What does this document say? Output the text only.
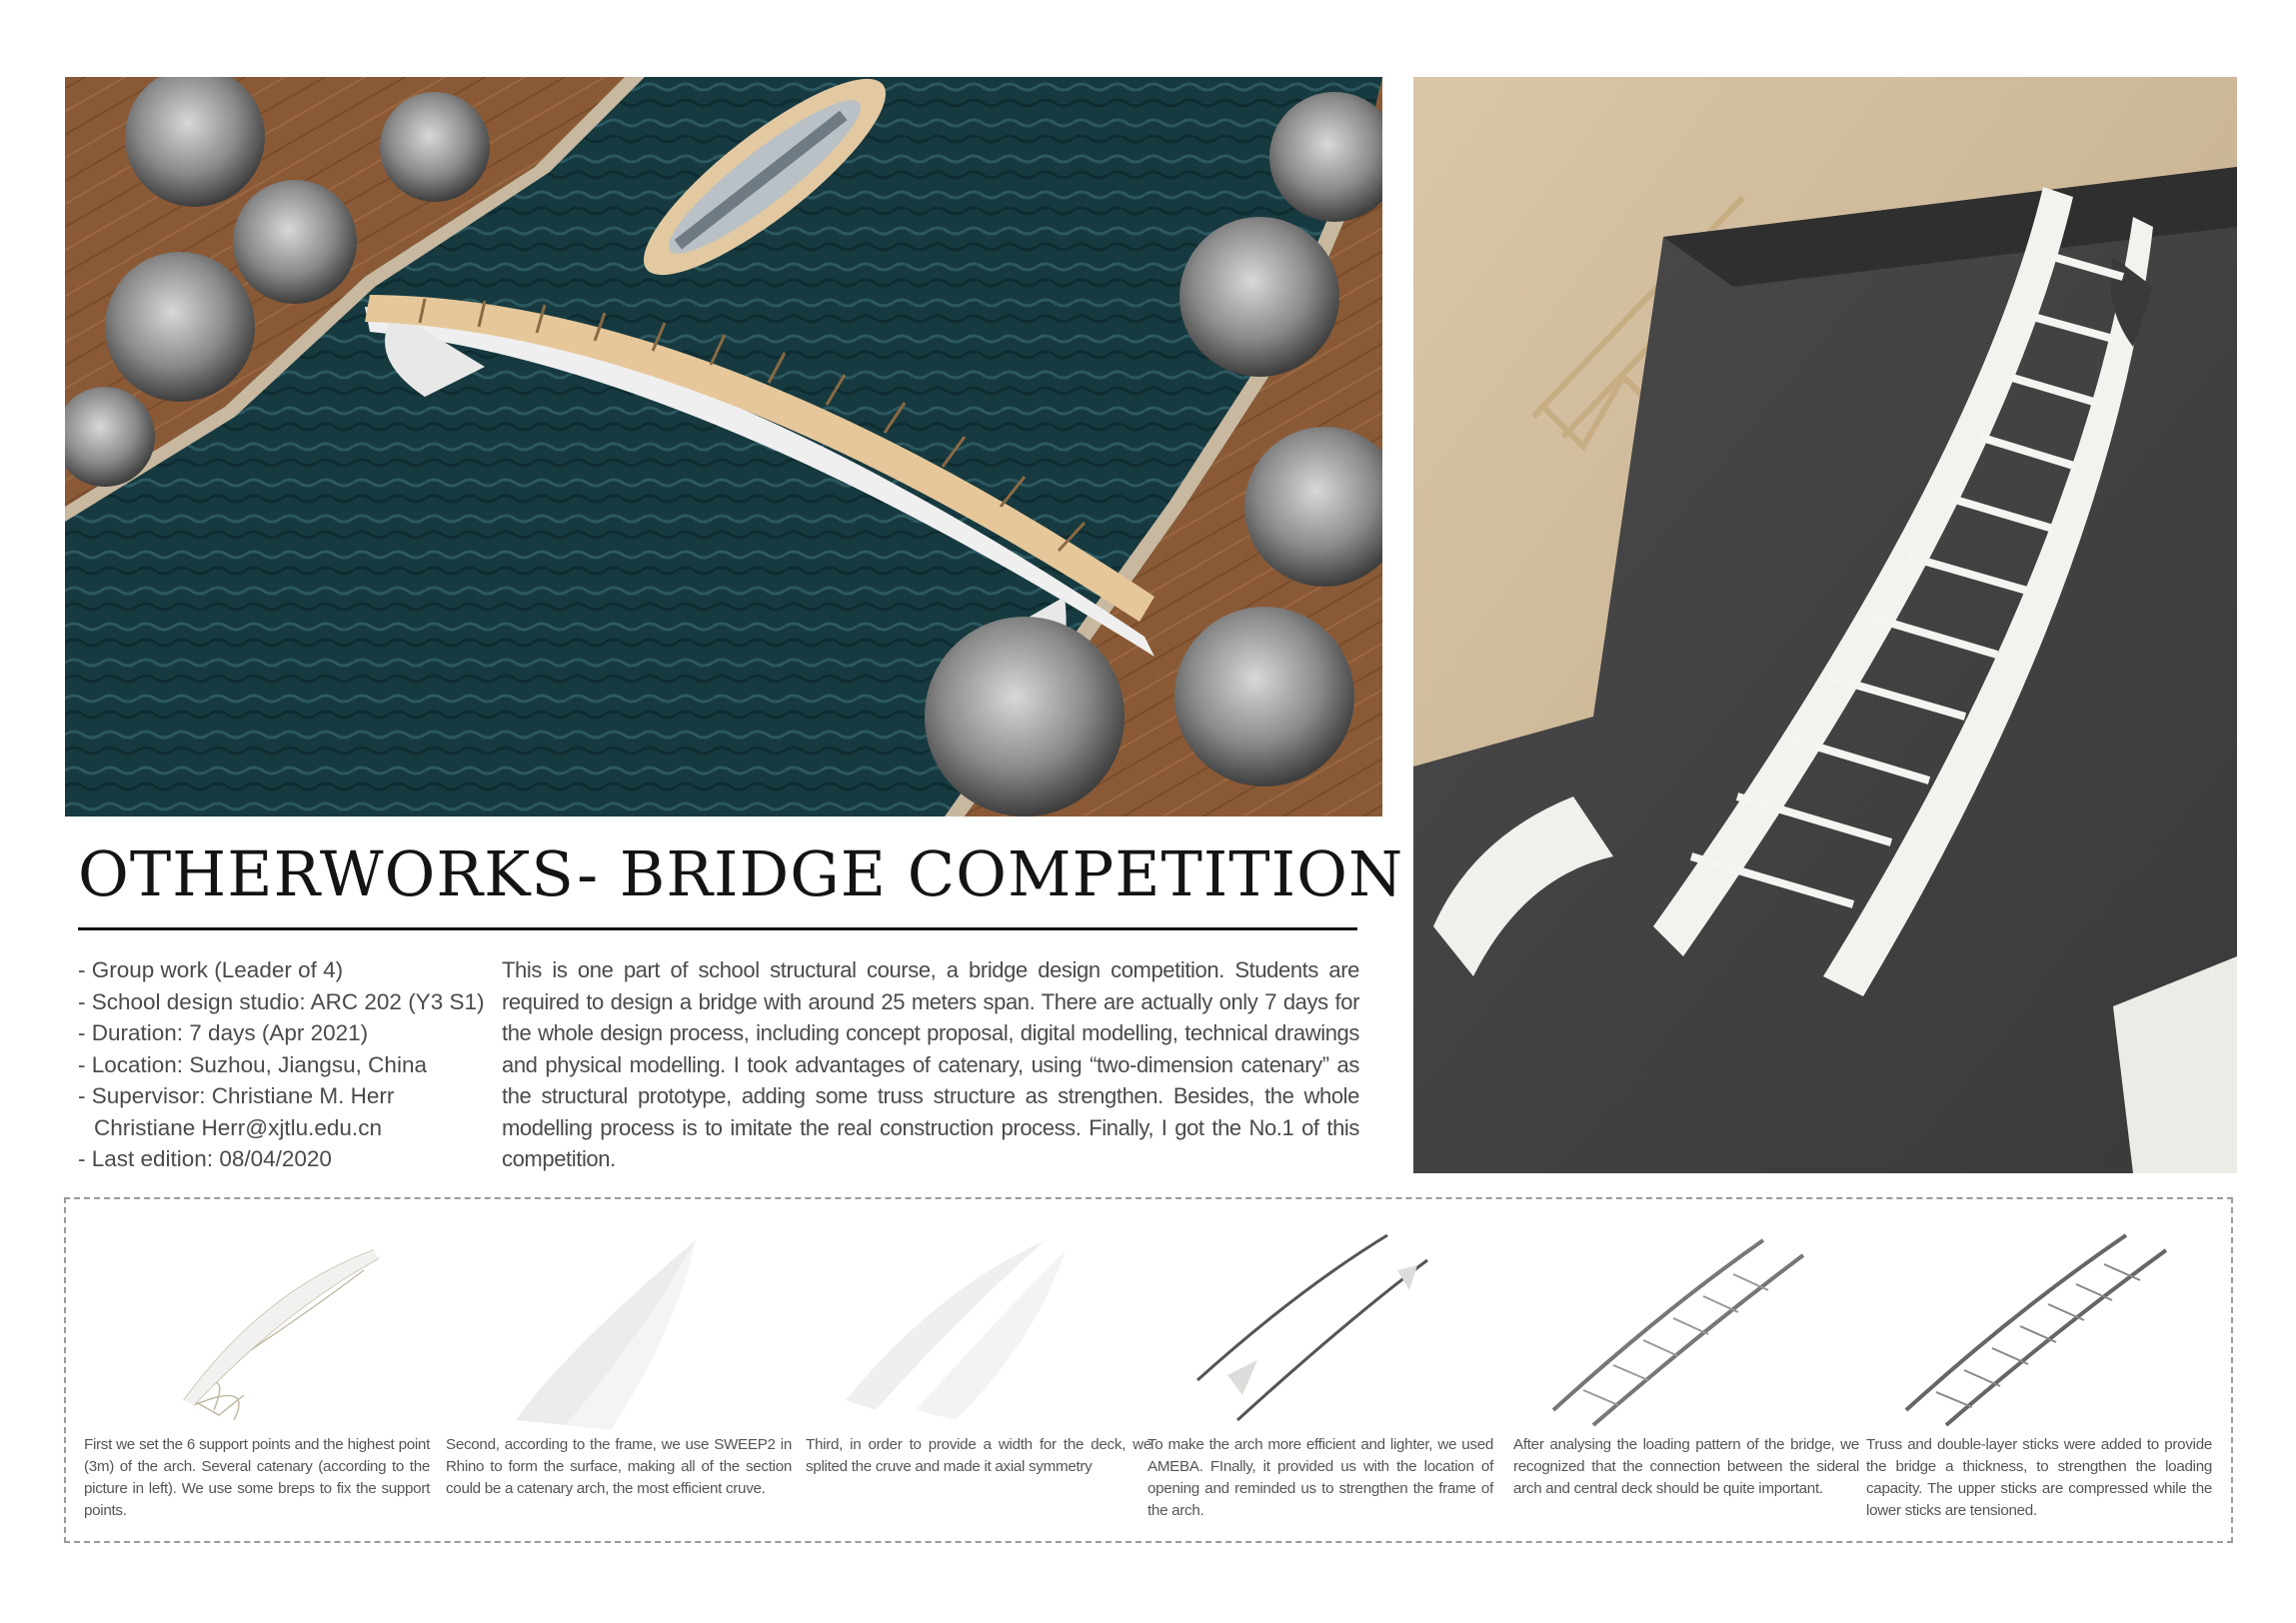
OTHERWORKS- BRIDGE COMPETITION
- Group work (Leader of 4)
- School design studio: ARC 202 (Y3 S1)
- Duration: 7 days (Apr 2021)
- Location: Suzhou, Jiangsu, China
- Supervisor: Christiane M. Herr
Christiane Herr@xjtlu.edu.cn
- Last edition: 08/04/2020
This is one part of school structural course, a bridge design competition. Students are required to design a bridge with around 25 meters span. There are actually only 7 days for the whole design process, including concept proposal, digital modelling, technical drawings and physical modelling. I took advantages of catenary, using “two-dimension catenary” as the structural prototype, adding some truss structure as strengthen. Besides, the whole modelling process is to imitate the real construction process. Finally, I got the No.1 of this competition.
First we set the 6 support points and the highest point (3m) of the arch. Several catenary (according to the picture in left). We use some breps to fix the support points.
Second, according to the frame, we use SWEEP2 in Rhino to form the surface, making all of the section could be a catenary arch, the most efficient cruve.
Third, in order to provide a width for the deck, we splited the cruve and made it axial symmetry
To make the arch more efficient and lighter, we used AMEBA. FInally, it provided us with the location of opening and reminded us to strengthen the frame of the arch.
After analysing the loading pattern of the bridge, we recognized that the connection between the sideral arch and central deck should be quite important.
Truss and double-layer sticks were added to provide the bridge a thickness, to strengthen the loading capacity. The upper sticks are compressed while the lower sticks are tensioned.
